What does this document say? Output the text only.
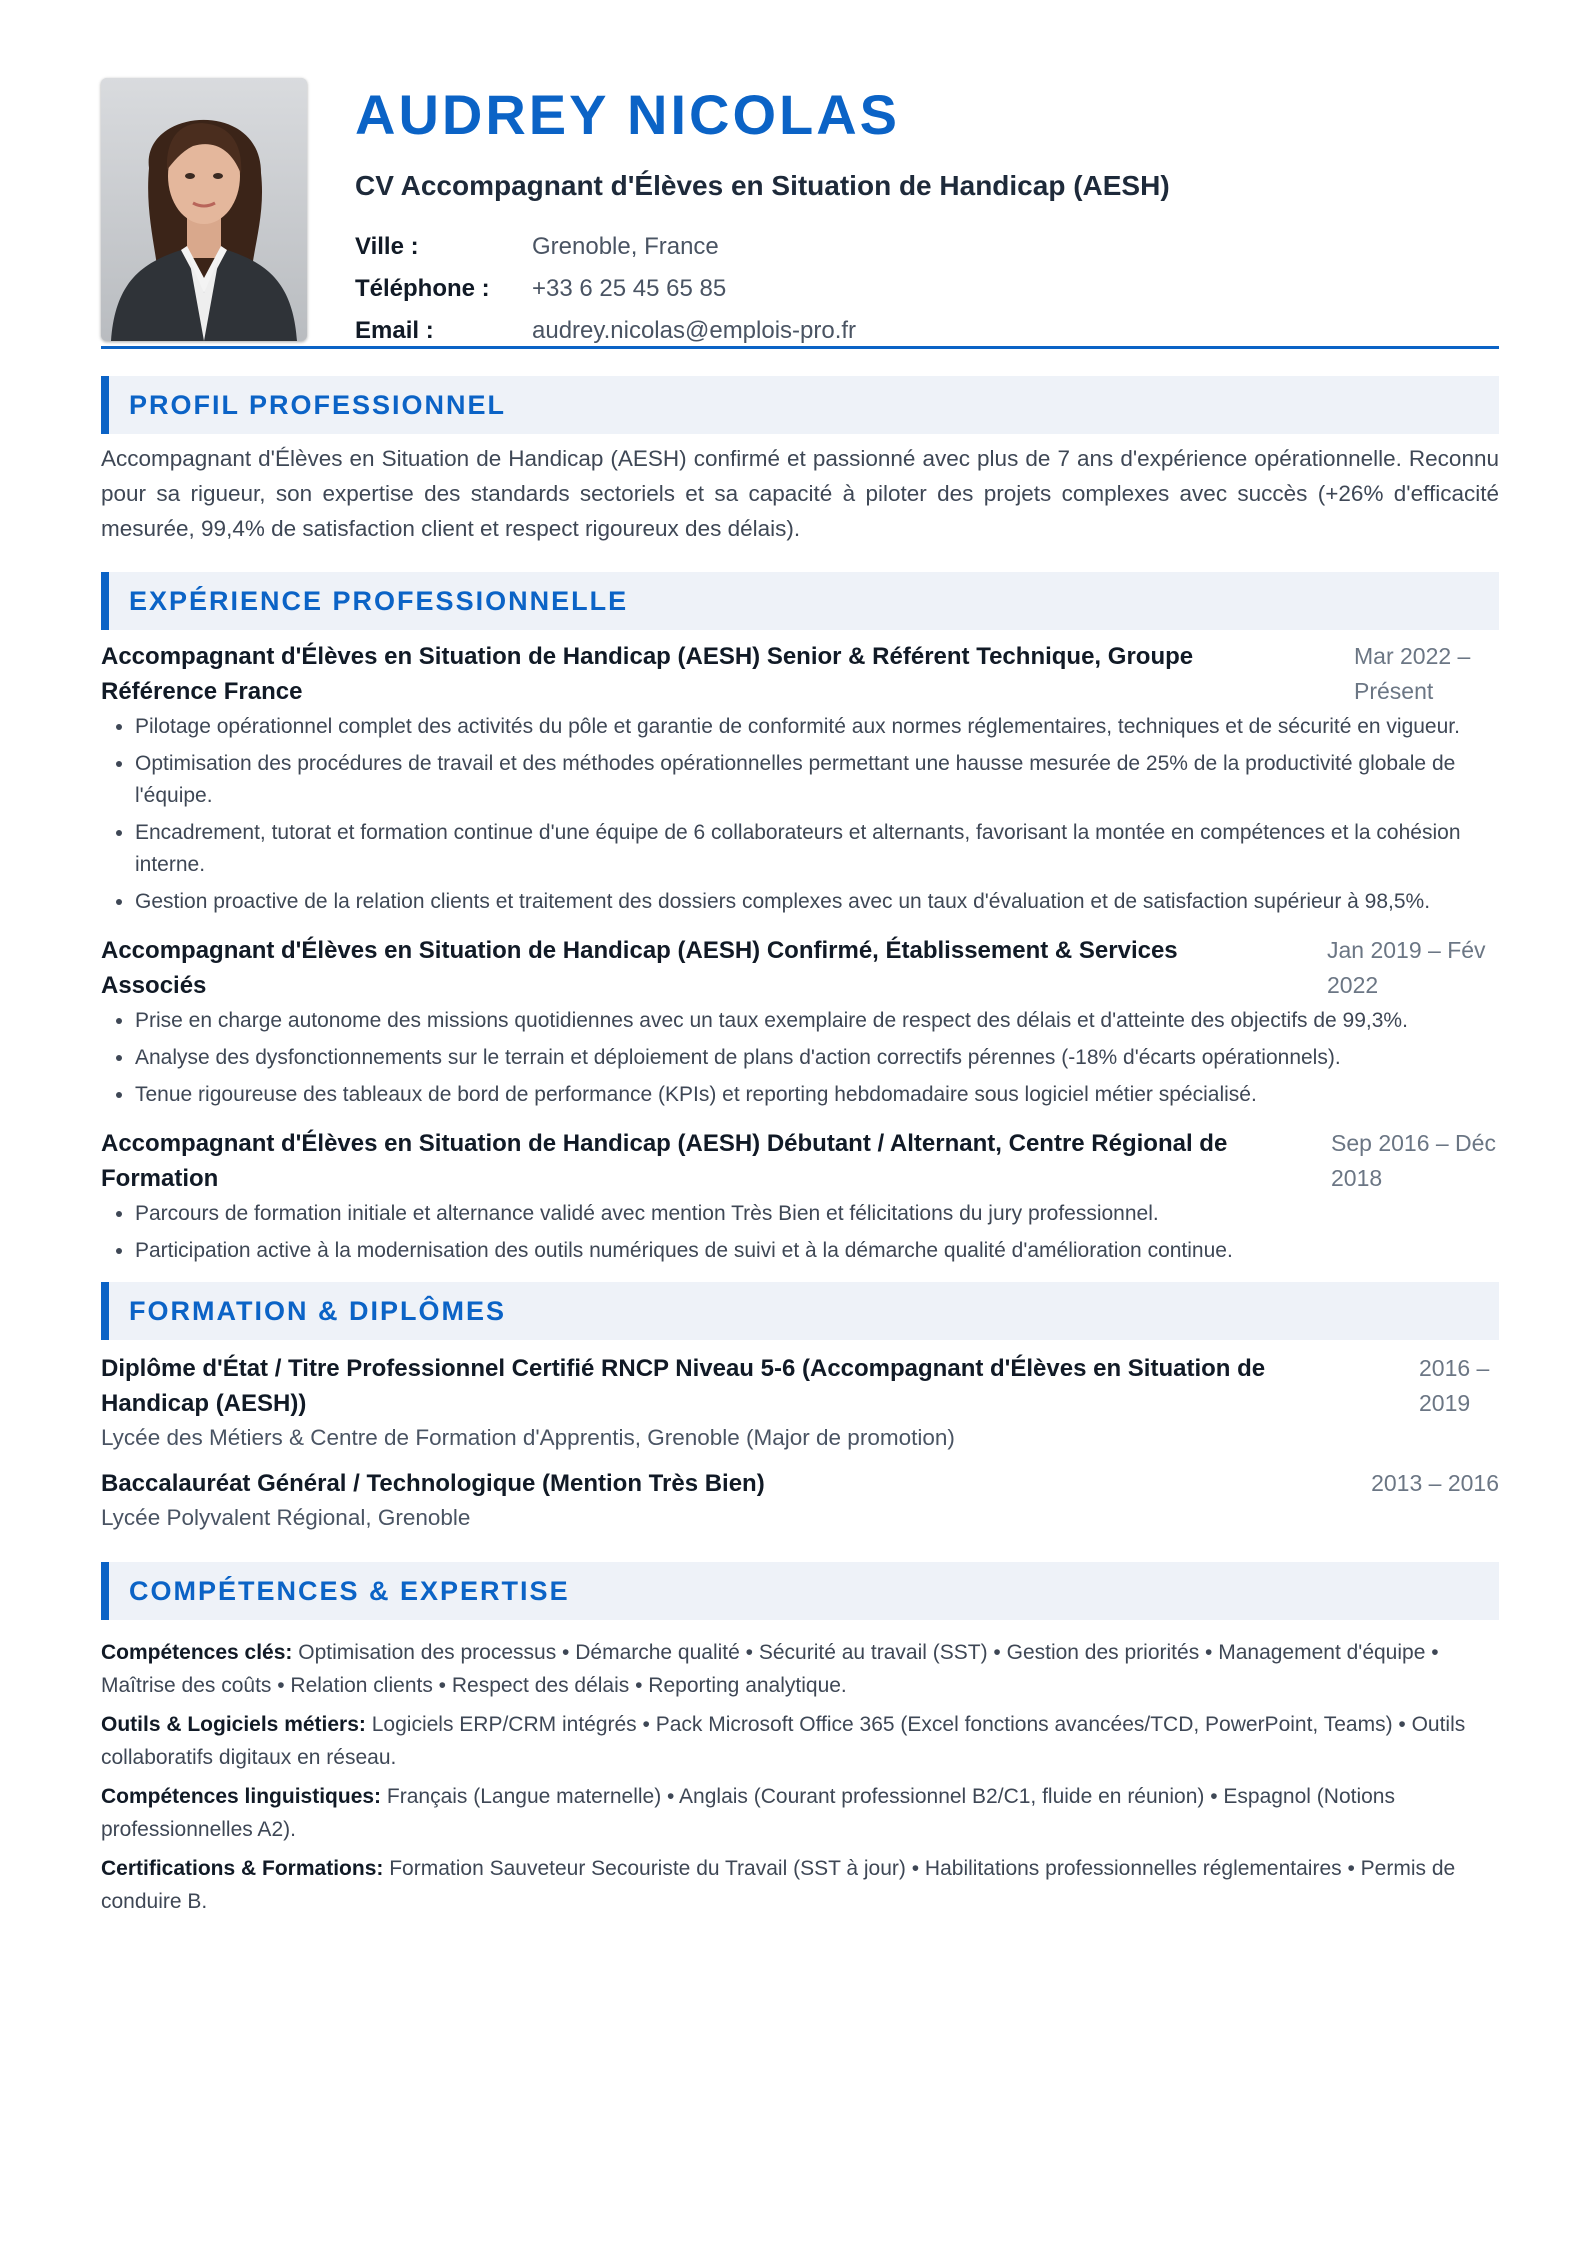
AUDREY NICOLAS
CV Accompagnant d'Élèves en Situation de Handicap (AESH)
Ville :	Grenoble, France
Téléphone :	+33 6 25 45 65 85
Email :	audrey.nicolas@emplois-pro.fr
PROFIL PROFESSIONNEL
Accompagnant d'Élèves en Situation de Handicap (AESH) confirmé et passionné avec plus de 7 ans d'expérience opérationnelle. Reconnu pour sa rigueur, son expertise des standards sectoriels et sa capacité à piloter des projets complexes avec succès (+26% d'efficacité mesurée, 99,4% de satisfaction client et respect rigoureux des délais).
EXPÉRIENCE PROFESSIONNELLE
Accompagnant d'Élèves en Situation de Handicap (AESH) Senior & Référent Technique, Groupe Référence France
Mar 2022 – Présent
• Pilotage opérationnel complet des activités du pôle et garantie de conformité aux normes réglementaires, techniques et de sécurité en vigueur.
• Optimisation des procédures de travail et des méthodes opérationnelles permettant une hausse mesurée de 25% de la productivité globale de l'équipe.
• Encadrement, tutorat et formation continue d'une équipe de 6 collaborateurs et alternants, favorisant la montée en compétences et la cohésion interne.
• Gestion proactive de la relation clients et traitement des dossiers complexes avec un taux d'évaluation et de satisfaction supérieur à 98,5%.
Accompagnant d'Élèves en Situation de Handicap (AESH) Confirmé, Établissement & Services Associés
Jan 2019 – Fév 2022
• Prise en charge autonome des missions quotidiennes avec un taux exemplaire de respect des délais et d'atteinte des objectifs de 99,3%.
• Analyse des dysfonctionnements sur le terrain et déploiement de plans d'action correctifs pérennes (-18% d'écarts opérationnels).
• Tenue rigoureuse des tableaux de bord de performance (KPIs) et reporting hebdomadaire sous logiciel métier spécialisé.
Accompagnant d'Élèves en Situation de Handicap (AESH) Débutant / Alternant, Centre Régional de Formation
Sep 2016 – Déc 2018
• Parcours de formation initiale et alternance validé avec mention Très Bien et félicitations du jury professionnel.
• Participation active à la modernisation des outils numériques de suivi et à la démarche qualité d'amélioration continue.
FORMATION & DIPLÔMES
Diplôme d'État / Titre Professionnel Certifié RNCP Niveau 5-6 (Accompagnant d'Élèves en Situation de Handicap (AESH))
2016 – 2019
Lycée des Métiers & Centre de Formation d'Apprentis, Grenoble (Major de promotion)
Baccalauréat Général / Technologique (Mention Très Bien)	2013 – 2016
Lycée Polyvalent Régional, Grenoble
COMPÉTENCES & EXPERTISE
Compétences clés: Optimisation des processus • Démarche qualité • Sécurité au travail (SST) • Gestion des priorités • Management d'équipe • Maîtrise des coûts • Relation clients • Respect des délais • Reporting analytique.
Outils & Logiciels métiers: Logiciels ERP/CRM intégrés • Pack Microsoft Office 365 (Excel fonctions avancées/TCD, PowerPoint, Teams) • Outils collaboratifs digitaux en réseau.
Compétences linguistiques: Français (Langue maternelle) • Anglais (Courant professionnel B2/C1, fluide en réunion) • Espagnol (Notions professionnelles A2).
Certifications & Formations: Formation Sauveteur Secouriste du Travail (SST à jour) • Habilitations professionnelles réglementaires • Permis de conduire B.
